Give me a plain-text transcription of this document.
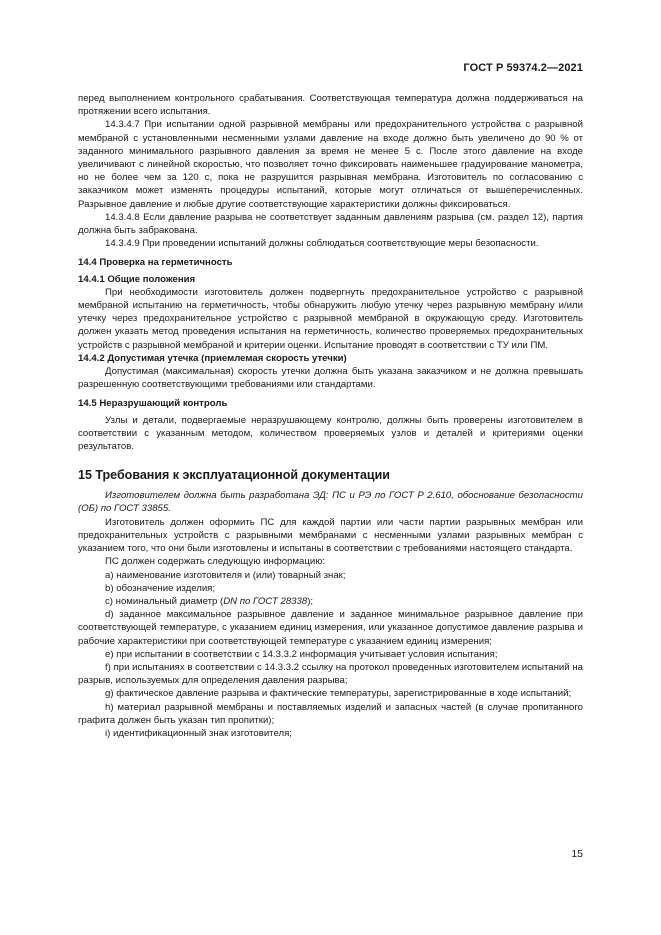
ГОСТ Р 59374.2—2021

перед выполнением контрольного срабатывания. Соответствующая температура должна поддерживаться на протяжении всего испытания.

14.3.4.7 При испытании одной разрывной мембраны или предохранительного устройства с разрывной мембраной с установленными несменными узлами давление на входе должно быть увеличено до 90 % от заданного минимального разрывного давления за время не менее 5 с. После этого давление на входе увеличивают с линейной скоростью, что позволяет точно фиксировать наименьшее градуирование манометра, но не более чем за 120 с, пока не разрушится разрывная мембрана. Изготовитель по согласованию с заказчиком может изменять процедуры испытаний, которые могут отличаться от вышеперечисленных. Разрывное давление и любые другие соответствующие характеристики должны фиксироваться.

14.3.4.8 Если давление разрыва не соответствует заданным давлениям разрыва (см. раздел 12), партия должна быть забракована.

14.3.4.9 При проведении испытаний должны соблюдаться соответствующие меры безопасности.

14.4 Проверка на герметичность

14.4.1 Общие положения

При необходимости изготовитель должен подвергнуть предохранительное устройство с разрывной мембраной испытанию на герметичность, чтобы обнаружить любую утечку через разрывную мембрану и/или утечку через предохранительное устройство с разрывной мембраной в окружающую среду. Изготовитель должен указать метод проведения испытания на герметичность, количество проверяемых предохранительных устройств с разрывной мембраной и критерии оценки. Испытание проводят в соответствии с ТУ или ПМ.

14.4.2 Допустимая утечка (приемлемая скорость утечки)

Допустимая (максимальная) скорость утечки должна быть указана заказчиком и не должна превышать разрешенную соответствующими требованиями или стандартами.

14.5 Неразрушающий контроль

Узлы и детали, подвергаемые неразрушающему контролю, должны быть проверены изготовителем в соответствии с указанным методом, количеством проверяемых узлов и деталей и критериями оценки результатов.

15 Требования к эксплуатационной документации

Изготовителем должна быть разработана ЭД: ПС и РЭ по ГОСТ Р 2.610, обоснование безопасности (ОБ) по ГОСТ 33855.

Изготовитель должен оформить ПС для каждой партии или части партии разрывных мембран или предохранительных устройств с разрывными мембранами с несменными узлами разрывных мембран с указанием того, что они были изготовлены и испытаны в соответствии с требованиями настоящего стандарта.

ПС должен содержать следующую информацию:

а) наименование изготовителя и (или) товарный знак;

b) обозначение изделия;

c) номинальный диаметр (DN по ГОСТ 28338);

d) заданное максимальное разрывное давление и заданное минимальное разрывное давление при соответствующей температуре, с указанием единиц измерения, или указанное допустимое давление разрыва и рабочие характеристики при соответствующей температуре с указанием единиц измерения;

e) при испытании в соответствии с 14.3.3.2 информация учитывает условия испытания;

f) при испытаниях в соответствии с 14.3.3.2 ссылку на протокол проведенных изготовителем испытаний на разрыв, используемых для определения давления разрыва;

g) фактическое давление разрыва и фактические температуры, зарегистрированные в ходе испытаний;

h) материал разрывной мембраны и поставляемых изделий и запасных частей (в случае пропитанного графита должен быть указан тип пропитки);

i) идентификационный знак изготовителя;

15
